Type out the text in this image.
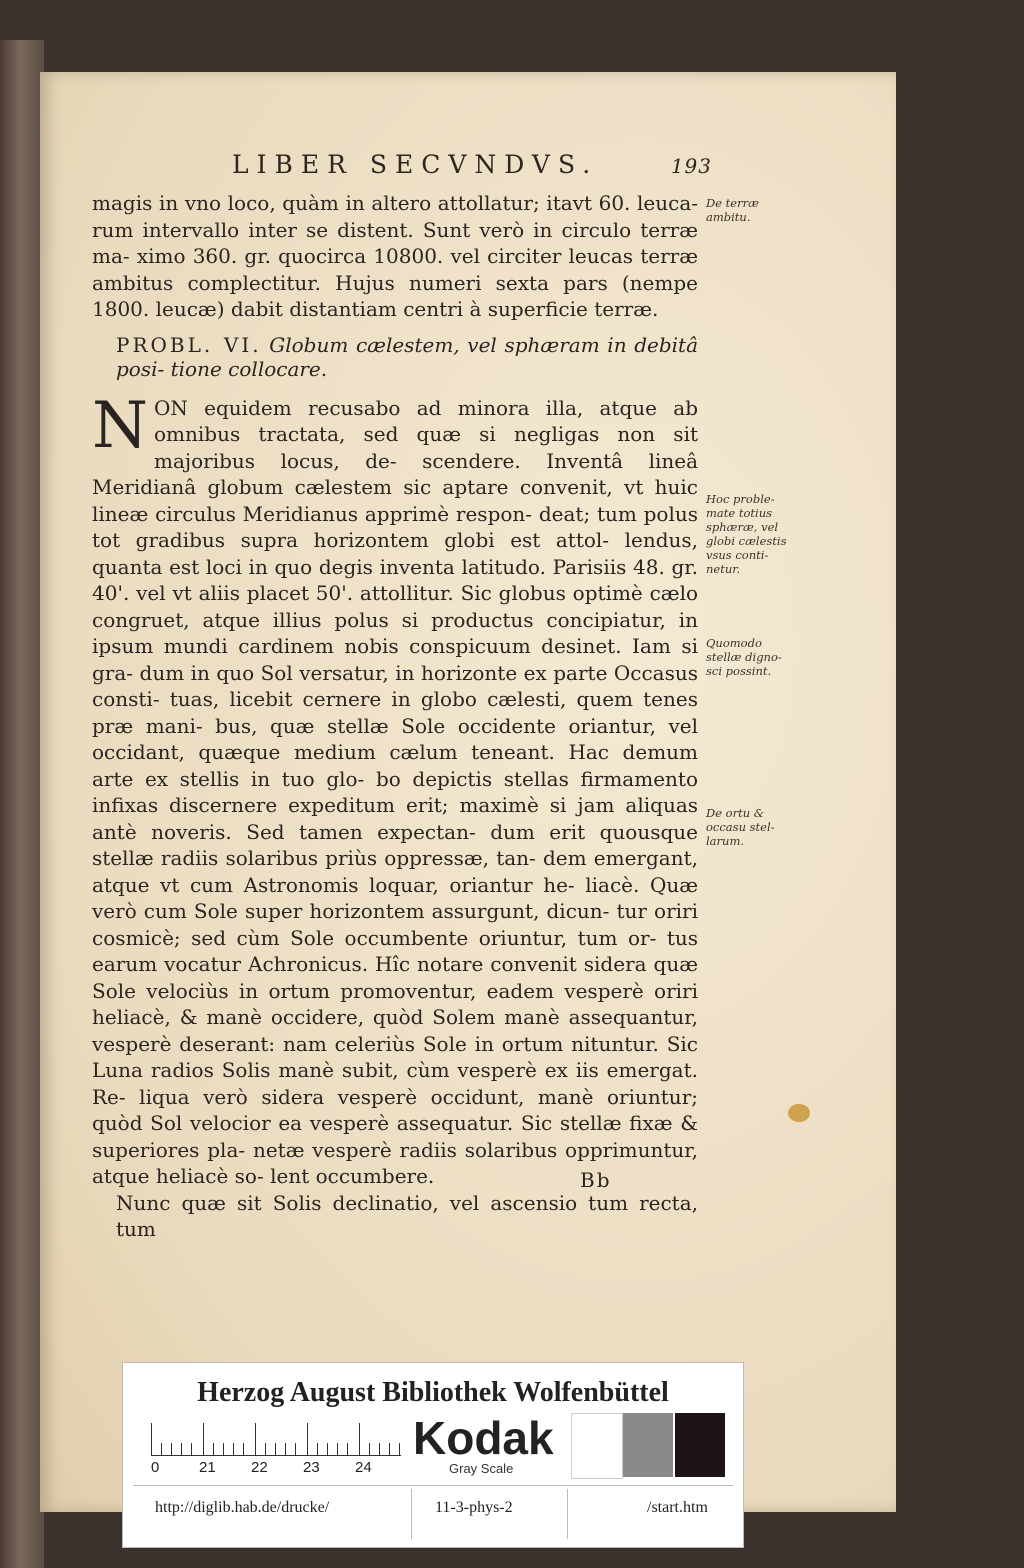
LIBER SECVNDVS.	193

magis in vno loco, quàm in altero attollatur; itavt 60. leuca- rum intervallo inter se distent. Sunt verò in circulo terræ ma- ximo 360. gr. quocirca 10800. vel circiter leucas terræ ambitus complectitur. Hujus numeri sexta pars (nempe 1800. leucæ) dabit distantiam centri à superficie terræ.

PROBL. VI. Globum cælestem, vel sphæram in debitâ posi- tione collocare.

N ON equidem recusabo ad minora illa, atque ab omnibus tractata, sed quæ si negligas non sit majoribus locus, de- scendere. Inventâ lineâ Meridianâ globum cælestem sic aptare convenit, vt huic lineæ circulus Meridianus apprimè respon- deat; tum polus tot gradibus supra horizontem globi est attol- lendus, quanta est loci in quo degis inventa latitudo. Parisiis 48. gr. 40'. vel vt aliis placet 50'. attollitur. Sic globus optimè cælo congruet, atque illius polus si productus concipiatur, in ipsum mundi cardinem nobis conspicuum desinet. Iam si gra- dum in quo Sol versatur, in horizonte ex parte Occasus consti- tuas, licebit cernere in globo cælesti, quem tenes præ mani- bus, quæ stellæ Sole occidente oriantur, vel occidant, quæque medium cælum teneant. Hac demum arte ex stellis in tuo glo- bo depictis stellas firmamento infixas discernere expeditum erit; maximè si jam aliquas antè noveris. Sed tamen expectan- dum erit quousque stellæ radiis solaribus priùs oppressæ, tan- dem emergant, atque vt cum Astronomis loquar, oriantur he- liacè. Quæ verò cum Sole super horizontem assurgunt, dicun- tur oriri cosmicè; sed cùm Sole occumbente oriuntur, tum or- tus earum vocatur Achronicus. Hîc notare convenit sidera quæ Sole velociùs in ortum promoventur, eadem vesperè oriri heliacè, & manè occidere, quòd Solem manè assequantur, vesperè deserant: nam celeriùs Sole in ortum nituntur. Sic Luna radios Solis manè subit, cùm vesperè ex iis emergat. Re- liqua verò sidera vesperè occidunt, manè oriuntur; quòd Sol velocior ea vesperè assequatur. Sic stellæ fixæ & superiores pla- netæ vesperè radiis solaribus opprimuntur, atque heliacè so- lent occumbere.

Nunc quæ sit Solis declinatio, vel ascensio tum recta, tum

Bb
De terræ
ambitu.
Hoc proble-
mate totius
sphæræ, vel
globi cælestis
vsus conti-
netur.
Quomodo
stellæ digno-
sci possint.
De ortu &
occasu stel-
larum.
Herzog August Bibliothek Wolfenbüttel
0	21 22 23 24
Kodak
Gray Scale
http://diglib.hab.de/drucke/	11-3-phys-2	/start.htm
